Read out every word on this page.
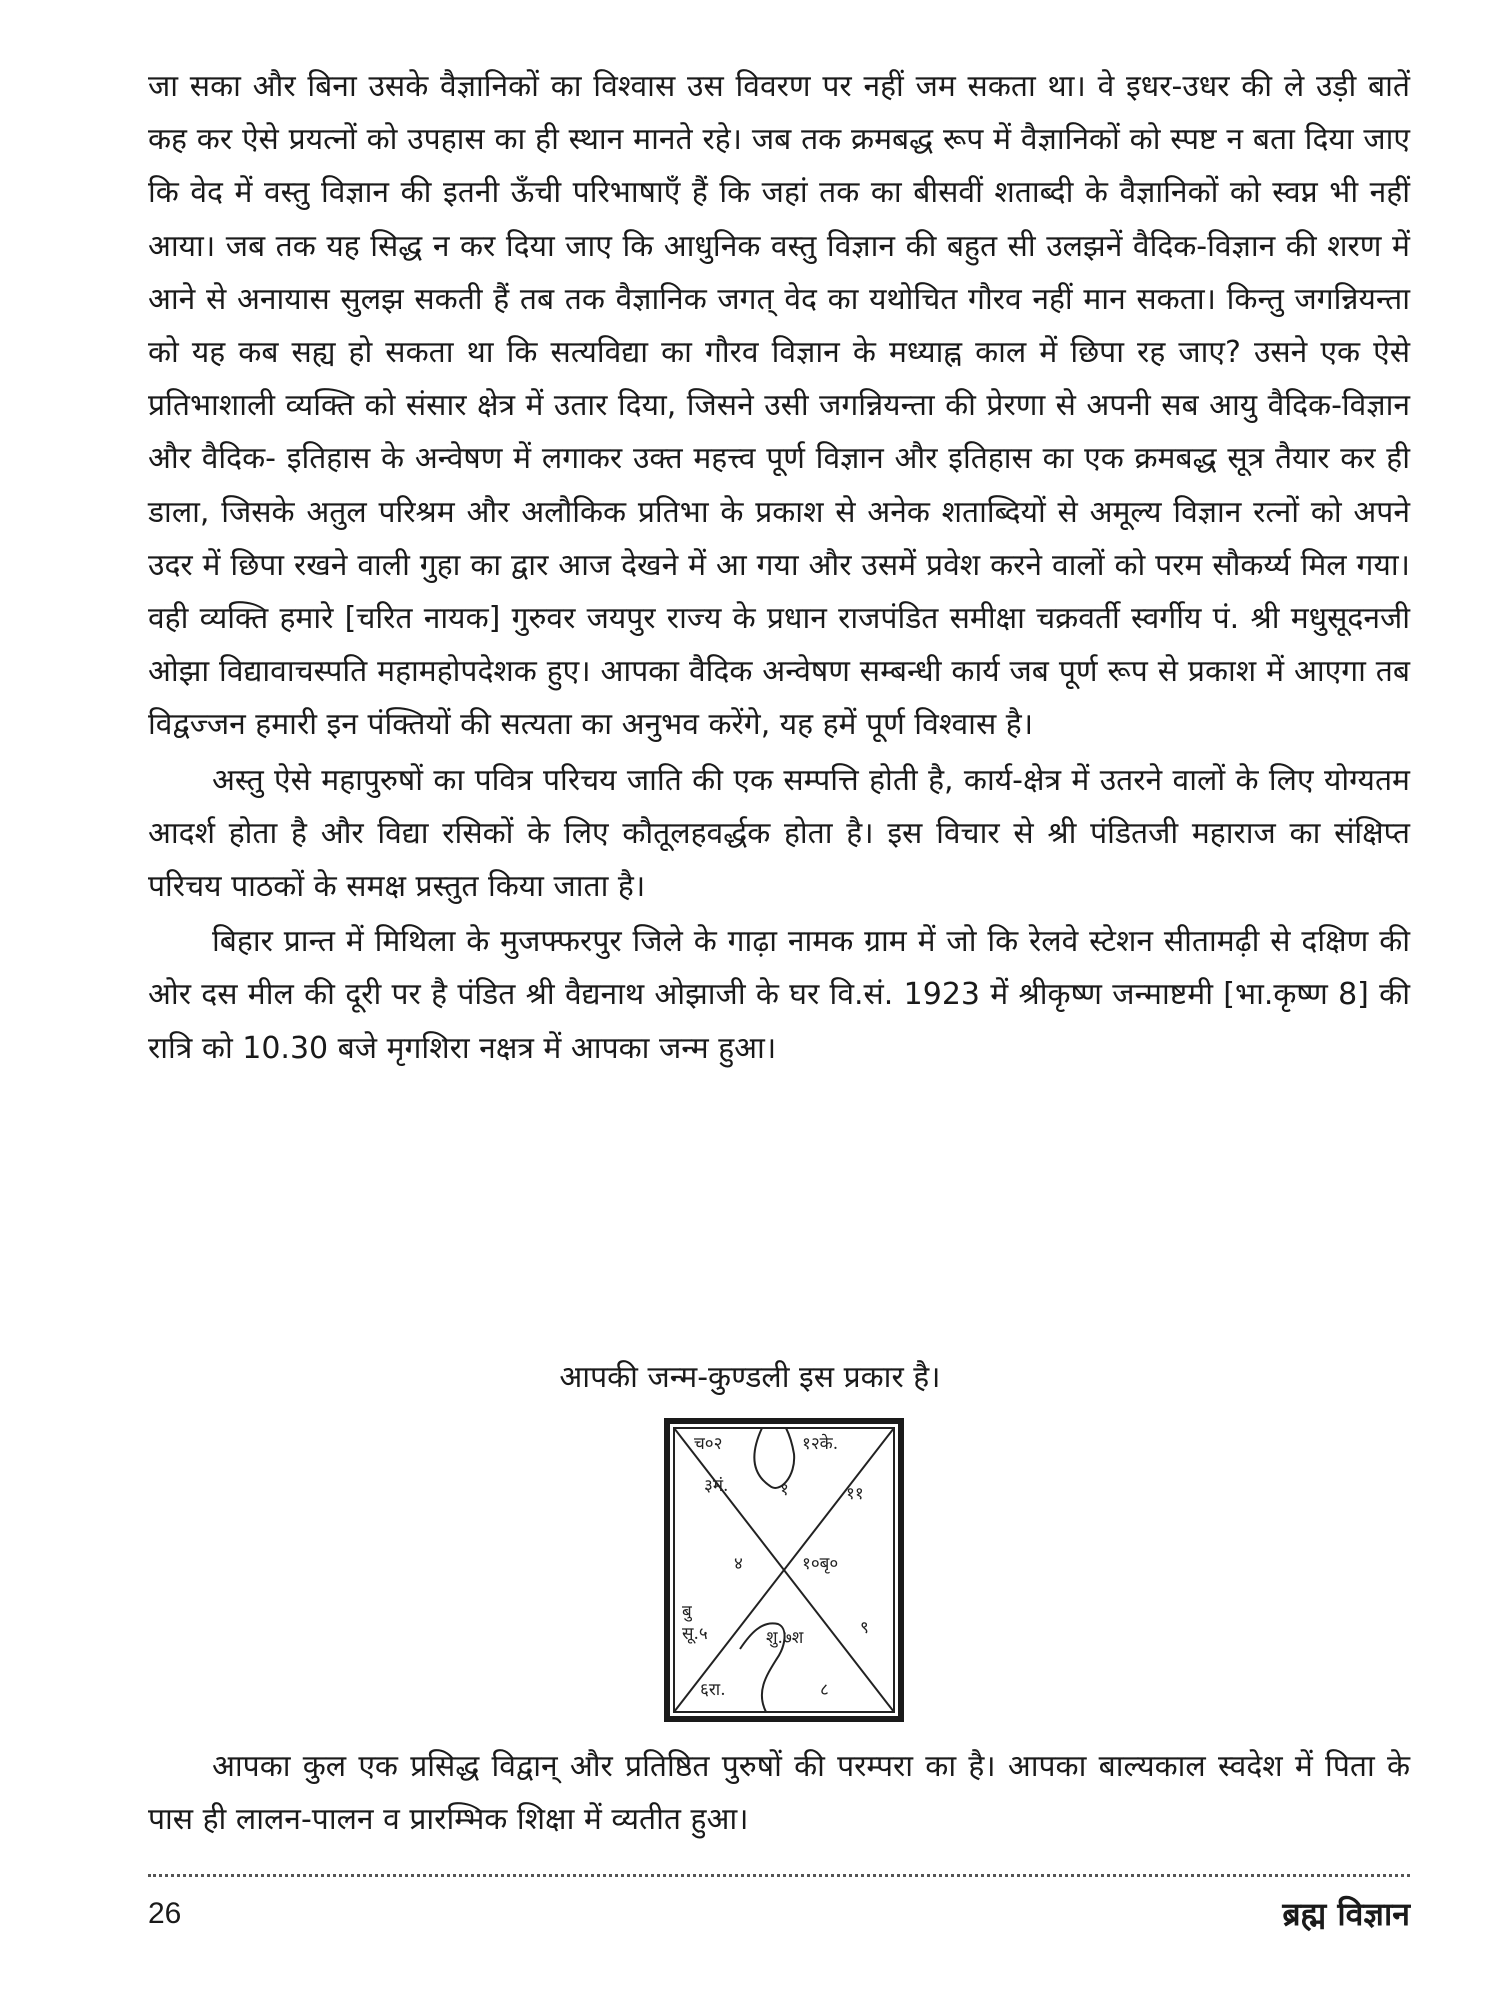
जा सका और बिना उसके वैज्ञानिकों का विश्वास उस विवरण पर नहीं जम सकता था। वे इधर-उधर की ले उड़ी बातें कह कर ऐसे प्रयत्नों को उपहास का ही स्थान मानते रहे। जब तक क्रमबद्ध रूप में वैज्ञानिकों को स्पष्ट न बता दिया जाए कि वेद में वस्तु विज्ञान की इतनी ऊँची परिभाषाएँ हैं कि जहां तक का बीसवीं शताब्दी के वैज्ञानिकों को स्वप्न भी नहीं आया। जब तक यह सिद्ध न कर दिया जाए कि आधुनिक वस्तु विज्ञान की बहुत सी उलझनें वैदिक-विज्ञान की शरण में आने से अनायास सुलझ सकती हैं तब तक वैज्ञानिक जगत् वेद का यथोचित गौरव नहीं मान सकता। किन्तु जगन्नियन्ता को यह कब सह्य हो सकता था कि सत्यविद्या का गौरव विज्ञान के मध्याह्न काल में छिपा रह जाए? उसने एक ऐसे प्रतिभाशाली व्यक्ति को संसार क्षेत्र में उतार दिया, जिसने उसी जगन्नियन्ता की प्रेरणा से अपनी सब आयु वैदिक-विज्ञान और वैदिक- इतिहास के अन्वेषण में लगाकर उक्त महत्त्व पूर्ण विज्ञान और इतिहास का एक क्रमबद्ध सूत्र तैयार कर ही डाला, जिसके अतुल परिश्रम और अलौकिक प्रतिभा के प्रकाश से अनेक शताब्दियों से अमूल्य विज्ञान रत्नों को अपने उदर में छिपा रखने वाली गुहा का द्वार आज देखने में आ गया और उसमें प्रवेश करने वालों को परम सौकर्य्य मिल गया। वही व्यक्ति हमारे [चरित नायक] गुरुवर जयपुर राज्य के प्रधान राजपंडित समीक्षा चक्रवर्ती स्वर्गीय पं. श्री मधुसूदनजी ओझा विद्यावाचस्पति महामहोपदेशक हुए। आपका वैदिक अन्वेषण सम्बन्धी कार्य जब पूर्ण रूप से प्रकाश में आएगा तब विद्वज्जन हमारी इन पंक्तियों की सत्यता का अनुभव करेंगे, यह हमें पूर्ण विश्वास है।

अस्तु ऐसे महापुरुषों का पवित्र परिचय जाति की एक सम्पत्ति होती है, कार्य-क्षेत्र में उतरने वालों के लिए योग्यतम आदर्श होता है और विद्या रसिकों के लिए कौतूलहवर्द्धक होता है। इस विचार से श्री पंडितजी महाराज का संक्षिप्त परिचय पाठकों के समक्ष प्रस्तुत किया जाता है।

बिहार प्रान्त में मिथिला के मुजफ्फरपुर जिले के गाढ़ा नामक ग्राम में जो कि रेलवे स्टेशन सीतामढ़ी से दक्षिण की ओर दस मील की दूरी पर है पंडित श्री वैद्यनाथ ओझाजी के घर वि.सं. 1923 में श्रीकृष्ण जन्माष्टमी [भा.कृष्ण 8] की रात्रि को 10.30 बजे मृगशिरा नक्षत्र में आपका जन्म हुआ।

आपकी जन्म-कुण्डली इस प्रकार है।
च०२	१२के.
३मं.	१	११
४	१०बृ०
बु
सू.५	शु.७श	९
६रा.	८

आपका कुल एक प्रसिद्ध विद्वान् और प्रतिष्ठित पुरुषों की परम्परा का है। आपका बाल्यकाल स्वदेश में पिता के पास ही लालन-पालन व प्रारम्भिक शिक्षा में व्यतीत हुआ।

26	ब्रह्म विज्ञान
